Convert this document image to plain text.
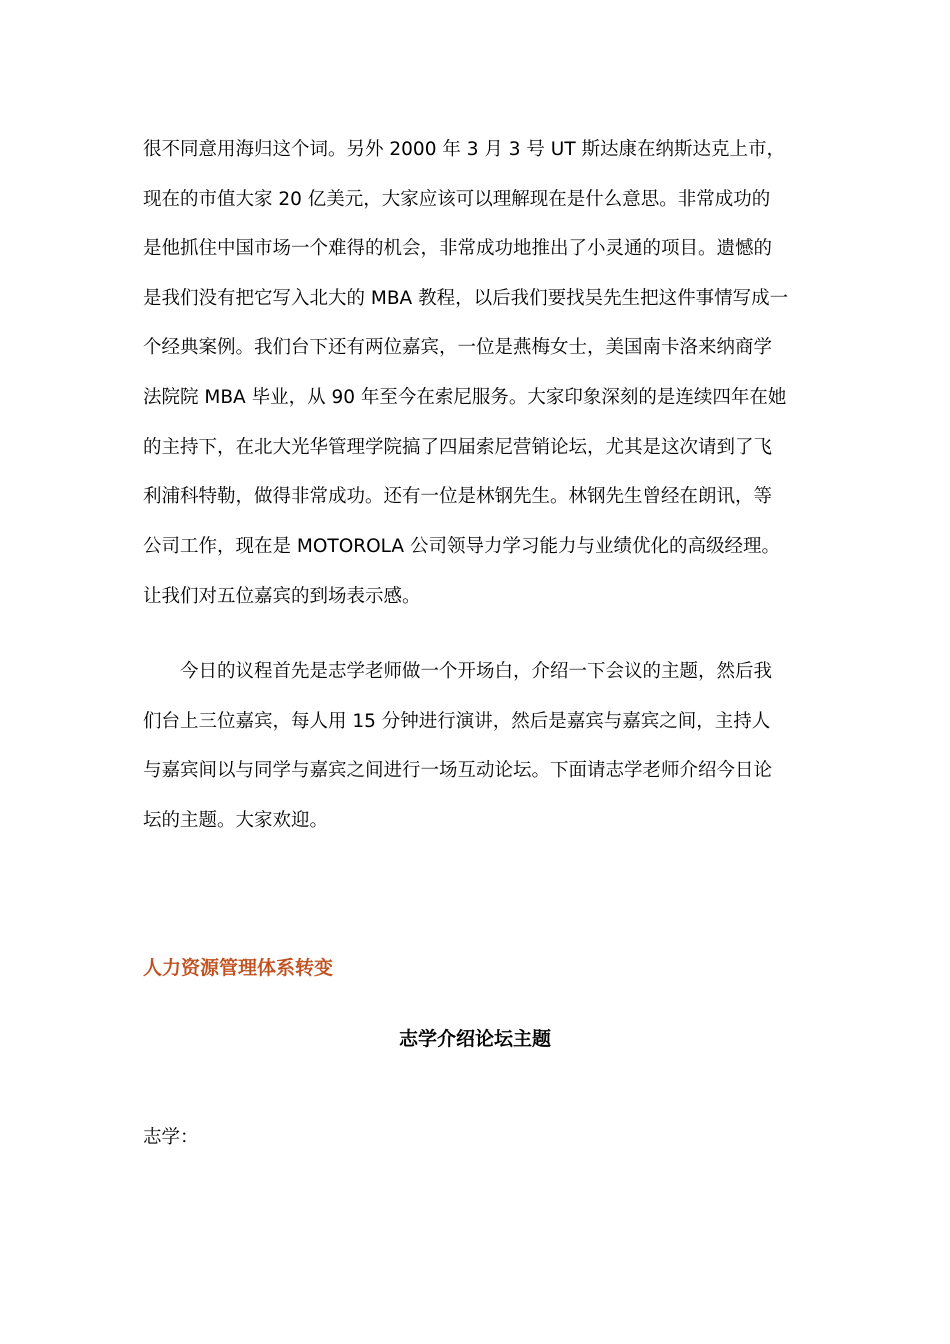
很不同意用海归这个词。另外 2000 年 3 月 3 号 UT 斯达康在纳斯达克上市，
现在的市值大家 20 亿美元，大家应该可以理解现在是什么意思。非常成功的
是他抓住中国市场一个难得的机会，非常成功地推出了小灵通的项目。遗憾的
是我们没有把它写入北大的 MBA 教程，以后我们要找吴先生把这件事情写成一
个经典案例。我们台下还有两位嘉宾，一位是燕梅女士，美国南卡洛来纳商学
法院院 MBA 毕业，从 90 年至今在索尼服务。大家印象深刻的是连续四年在她
的主持下，在北大光华管理学院搞了四届索尼营销论坛，尤其是这次请到了飞
利浦科特勒，做得非常成功。还有一位是林钢先生。林钢先生曾经在朗讯，等
公司工作，现在是 MOTOROLA 公司领导力学习能力与业绩优化的高级经理。
让我们对五位嘉宾的到场表示感。
今日的议程首先是志学老师做一个开场白，介绍一下会议的主题，然后我
们台上三位嘉宾，每人用 15 分钟进行演讲，然后是嘉宾与嘉宾之间，主持人
与嘉宾间以与同学与嘉宾之间进行一场互动论坛。下面请志学老师介绍今日论
坛的主题。大家欢迎。
人力资源管理体系转变
志学介绍论坛主题
志学：
